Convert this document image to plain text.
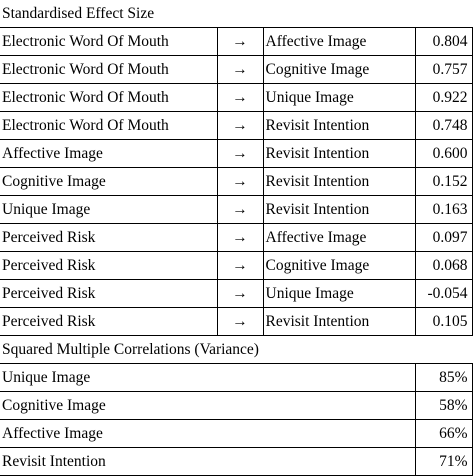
Standardised Effect Size			
Electronic Word Of Mouth	→	Affective Image	0.804
Electronic Word Of Mouth	→	Cognitive Image	0.757
Electronic Word Of Mouth	→	Unique Image	0.922
Electronic Word Of Mouth	→	Revisit Intention	0.748
Affective Image	→	Revisit Intention	0.600
Cognitive Image	→	Revisit Intention	0.152
Unique Image	→	Revisit Intention	0.163
Perceived Risk	→	Affective Image	0.097
Perceived Risk	→	Cognitive Image	0.068
Perceived Risk	→	Unique Image	-0.054
Perceived Risk	→	Revisit Intention	0.105
Squared Multiple Correlations (Variance)			
Unique Image			85%
Cognitive Image			58%
Affective Image			66%
Revisit Intention			71%
